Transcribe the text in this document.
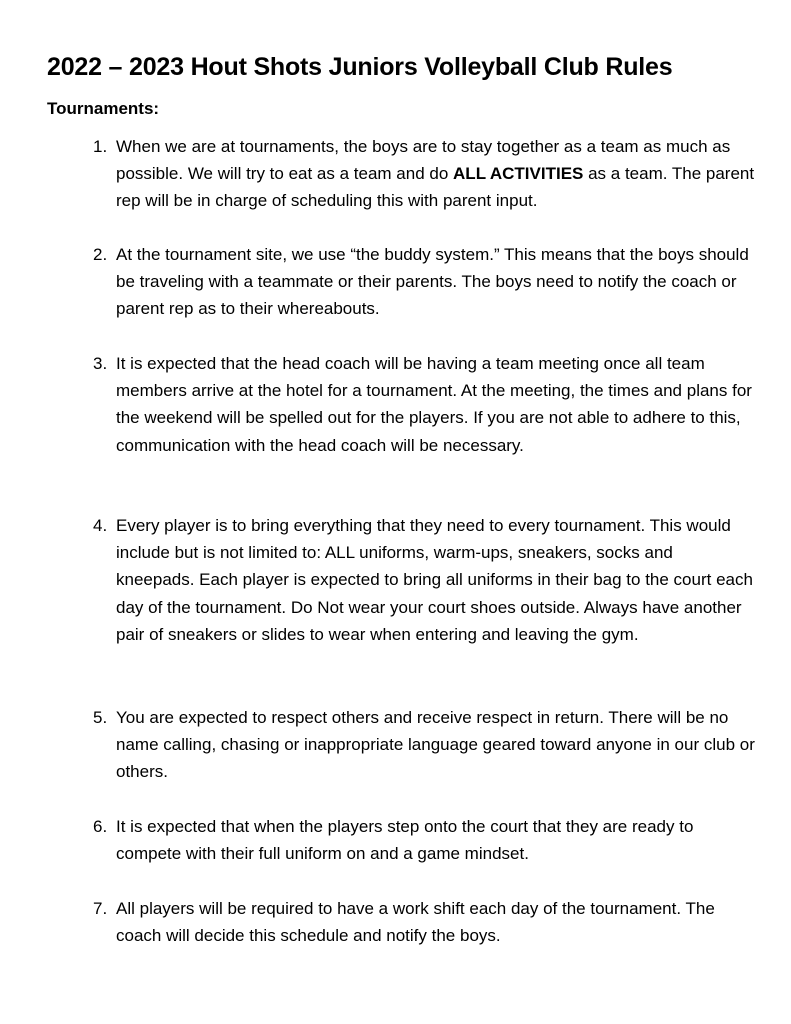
2022 – 2023 Hout Shots Juniors Volleyball Club Rules
Tournaments:
1. When we are at tournaments, the boys are to stay together as a team as much as possible. We will try to eat as a team and do ALL ACTIVITIES as a team. The parent rep will be in charge of scheduling this with parent input.
2. At the tournament site, we use “the buddy system.” This means that the boys should be traveling with a teammate or their parents. The boys need to notify the coach or parent rep as to their whereabouts.
3. It is expected that the head coach will be having a team meeting once all team members arrive at the hotel for a tournament. At the meeting, the times and plans for the weekend will be spelled out for the players. If you are not able to adhere to this, communication with the head coach will be necessary.
4. Every player is to bring everything that they need to every tournament. This would include but is not limited to: ALL uniforms, warm-ups, sneakers, socks and kneepads. Each player is expected to bring all uniforms in their bag to the court each day of the tournament. Do Not wear your court shoes outside. Always have another pair of sneakers or slides to wear when entering and leaving the gym.
5. You are expected to respect others and receive respect in return. There will be no name calling, chasing or inappropriate language geared toward anyone in our club or others.
6. It is expected that when the players step onto the court that they are ready to compete with their full uniform on and a game mindset.
7. All players will be required to have a work shift each day of the tournament. The coach will decide this schedule and notify the boys.
